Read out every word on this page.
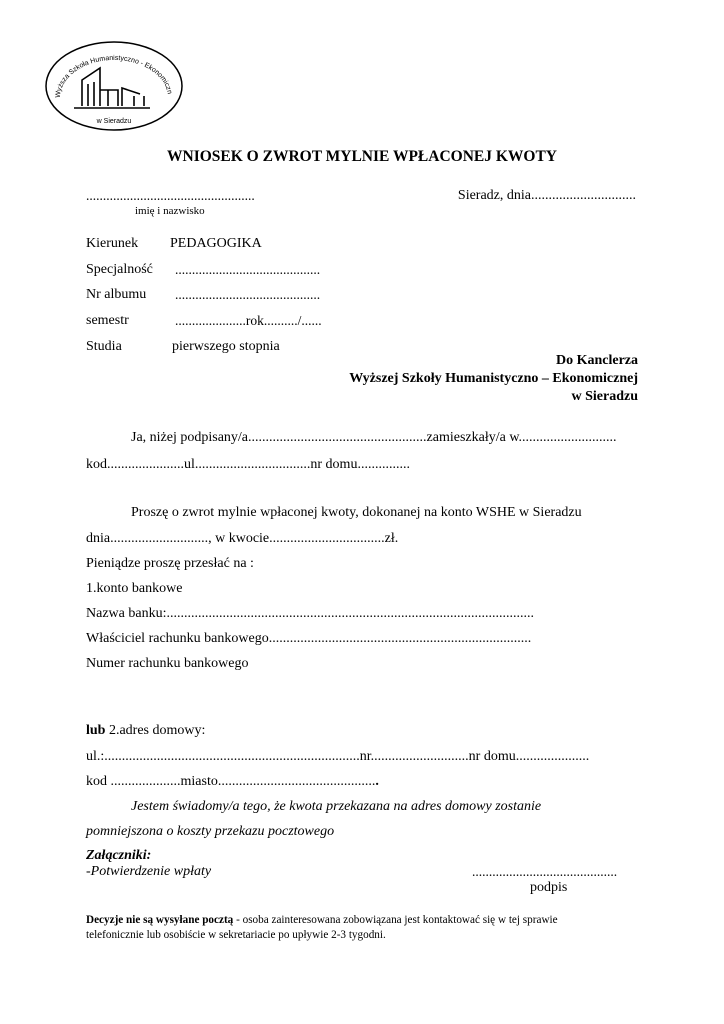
Wyższa Szkoła Humanistyczno - Ekonomiczn
w Sieradzu
WNIOSEK O ZWROT MYLNIE WPŁACONEJ KWOTY
..................................................
imię i nazwisko
Sieradz, dnia..............................
Kierunek PEDAGOGIKA
Specjalność ...........................................
Nr albumu ...........................................
semestr	.....................rok........../......
Studia	pierwszego stopnia
Do Kanclerza
Wyższej Szkoły Humanistyczno – Ekonomicznej
w Sieradzu
Ja, niżej podpisany/a...................................................zamieszkały/a w............................
kod......................ul.................................nr domu...............
Proszę o zwrot mylnie wpłaconej kwoty, dokonanej na konto WSHE w Sieradzu
dnia............................, w kwocie.................................zł.
Pieniądze proszę przesłać na :
1.konto bankowe
Nazwa banku:.........................................................................................................
Właściciel rachunku bankowego...........................................................................
Numer rachunku bankowego
lub 2.adres domowy:
ul.:.........................................................................nr............................nr domu.....................
kod ....................miasto..............................................
Jestem świadomy/a tego, że kwota przekazana na adres domowy zostanie
pomniejszona o koszty przekazu pocztowego
Załączniki:
-Potwierdzenie wpłaty	...........................................
podpis
Decyzje nie są wysyłane pocztą - osoba zainteresowana zobowiązana jest kontaktować się w tej sprawie
telefonicznie lub osobiście w sekretariacie po upływie 2-3 tygodni.
